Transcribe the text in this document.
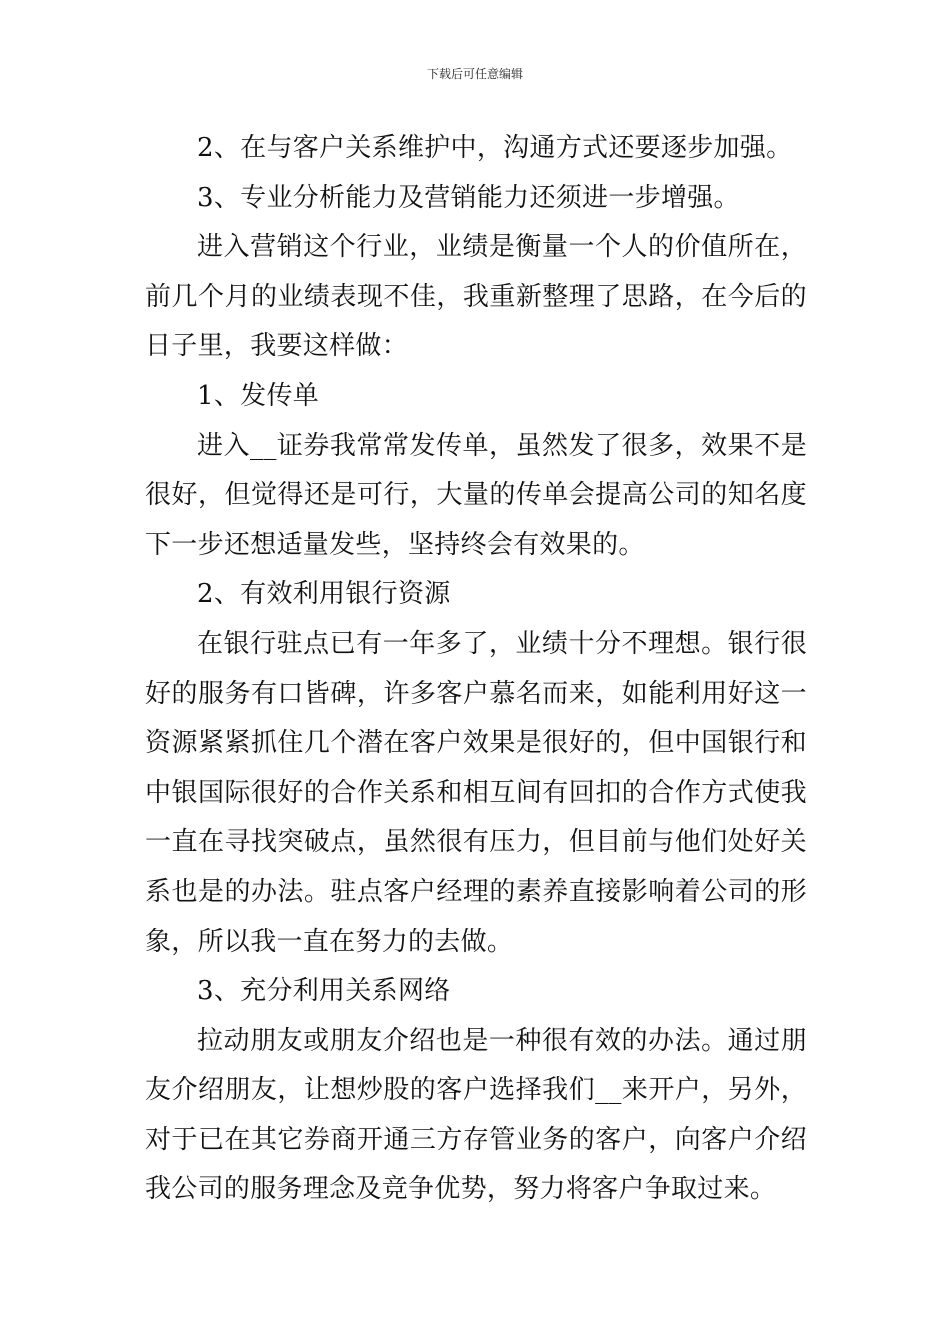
下载后可任意编辑

2、在与客户关系维护中，沟通方式还要逐步加强。

3、专业分析能力及营销能力还须进一步增强。

进入营销这个行业，业绩是衡量一个人的价值所在，前几个月的业绩表现不佳，我重新整理了思路，在今后的日子里，我要这样做：

1、发传单

进入__证券我常常发传单，虽然发了很多，效果不是很好，但觉得还是可行，大量的传单会提高公司的知名度下一步还想适量发些，坚持终会有效果的。

2、有效利用银行资源

在银行驻点已有一年多了，业绩十分不理想。银行很好的服务有口皆碑，许多客户慕名而来，如能利用好这一资源紧紧抓住几个潜在客户效果是很好的，但中国银行和中银国际很好的合作关系和相互间有回扣的合作方式使我一直在寻找突破点，虽然很有压力，但目前与他们处好关系也是的办法。驻点客户经理的素养直接影响着公司的形象，所以我一直在努力的去做。

3、充分利用关系网络

拉动朋友或朋友介绍也是一种很有效的办法。通过朋友介绍朋友，让想炒股的客户选择我们__来开户，另外，对于已在其它券商开通三方存管业务的客户，向客户介绍我公司的服务理念及竞争优势，努力将客户争取过来。
